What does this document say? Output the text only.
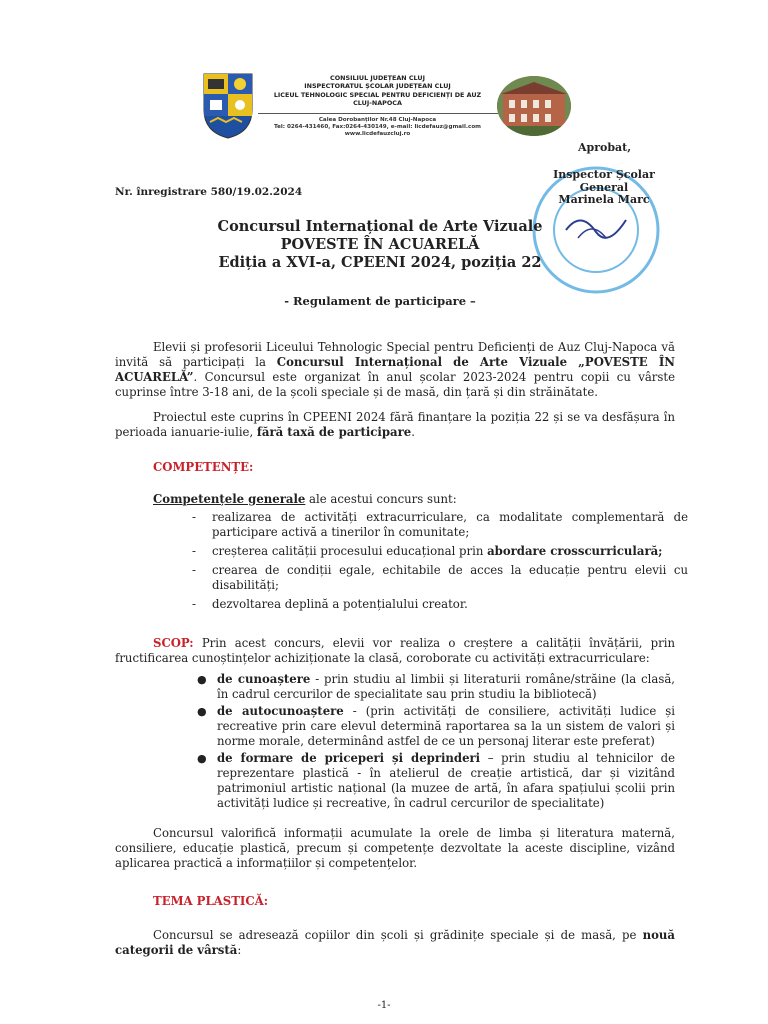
CONSILIUL JUDEȚEAN CLUJ
INSPECTORATUL ȘCOLAR JUDEȚEAN CLUJ
LICEUL TEHNOLOGIC SPECIAL PENTRU DEFICIENȚI DE AUZ
CLUJ-NAPOCA
Calea Dorobanților Nr.48 Cluj-Napoca
Tel: 0264-431460, Fax:0264-430149, e-mail: licdefauz@gmail.com
www.licdefauzcluj.ro
Aprobat,
Inspector Școlar General
Marinela Marc
Nr. înregistrare 580/19.02.2024
Concursul Internațional de Arte Vizuale
POVESTE ÎN ACUARELĂ
Ediția a XVI-a, CPEENI 2024, poziția 22
- Regulament de participare –
Elevii și profesorii Liceului Tehnologic Special pentru Deficienți de Auz Cluj-Napoca vă invită să participați la Concursul Internațional de Arte Vizuale „POVESTE ÎN ACUARELĂ”. Concursul este organizat în anul școlar 2023-2024 pentru copii cu vârste cuprinse între 3-18 ani, de la școli speciale și de masă, din țară și din străinătate.
Proiectul este cuprins în CPEENI 2024 fără finanțare la poziția 22 și se va desfășura în perioada ianuarie-iulie, fără taxă de participare.
COMPETENȚE:
Competențele generale ale acestui concurs sunt:
- realizarea de activități extracurriculare, ca modalitate complementară de participare activă a tinerilor în comunitate;
- creșterea calității procesului educațional prin abordare crosscurriculară;
- crearea de condiții egale, echitabile de acces la educație pentru elevii cu disabilități;
- dezvoltarea deplină a potențialului creator.
SCOP: Prin acest concurs, elevii vor realiza o creștere a calității învățării, prin fructificarea cunoștințelor achiziționate la clasă, coroborate cu activități extracurriculare:
● de cunoaștere - prin studiu al limbii și literaturii române/străine (la clasă, în cadrul cercurilor de specialitate sau prin studiu la bibliotecă)
● de autocunoaștere - (prin activități de consiliere, activități ludice și recreative prin care elevul determină raportarea sa la un sistem de valori și norme morale, determinând astfel de ce un personaj literar este preferat)
● de formare de priceperi și deprinderi – prin studiu al tehnicilor de reprezentare plastică - în atelierul de creație artistică, dar și vizitând patrimoniul artistic național (la muzee de artă, în afara spațiului școlii prin activități ludice și recreative, în cadrul cercurilor de specialitate)
Concursul valorifică informații acumulate la orele de limba și literatura maternă, consiliere, educație plastică, precum și competențe dezvoltate la aceste discipline, vizând aplicarea practică a informațiilor și competențelor.
TEMA PLASTICĂ:
Concursul se adresează copiilor din școli și grădinițe speciale și de masă, pe nouă categorii de vârstă:
-1-
